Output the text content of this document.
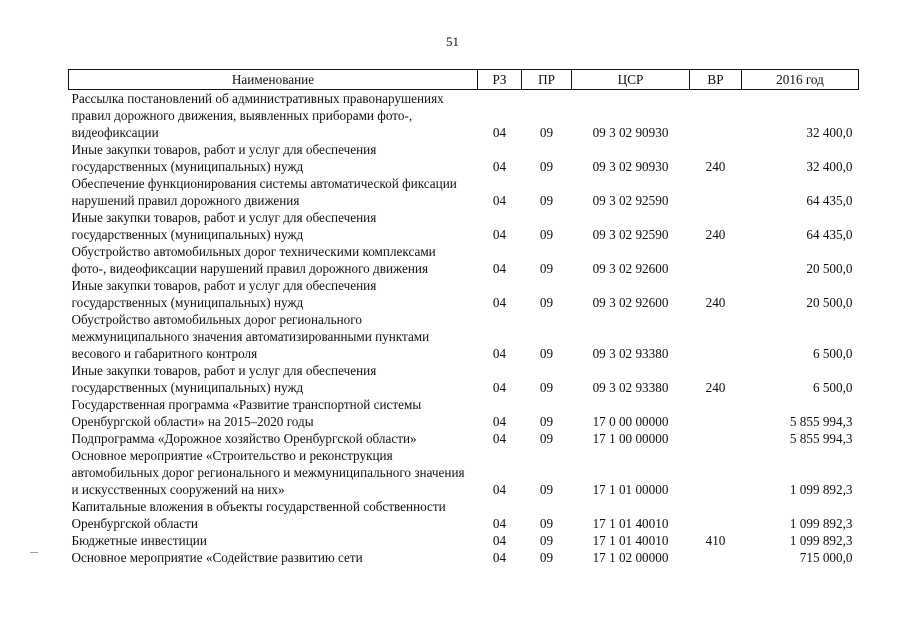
51
Наименование	РЗ	ПР	ЦСР	ВР	2016 год
Рассылка постановлений об административных правонарушениях правил дорожного движения, выявленных приборами фото-, видеофиксации	04	09	09 3 02 90930		32 400,0
Иные закупки товаров, работ и услуг для обеспечения государственных (муниципальных) нужд	04	09	09 3 02 90930	240	32 400,0
Обеспечение функционирования системы автоматической фиксации нарушений правил дорожного движения	04	09	09 3 02 92590		64 435,0
Иные закупки товаров, работ и услуг для обеспечения государственных (муниципальных) нужд	04	09	09 3 02 92590	240	64 435,0
Обустройство автомобильных дорог техническими комплексами фото-, видеофиксации нарушений правил дорожного движения	04	09	09 3 02 92600		20 500,0
Иные закупки товаров, работ и услуг для обеспечения государственных (муниципальных) нужд	04	09	09 3 02 92600	240	20 500,0
Обустройство автомобильных дорог регионального межмуниципального значения автоматизированными пунктами весового и габаритного контроля	04	09	09 3 02 93380		6 500,0
Иные закупки товаров, работ и услуг для обеспечения государственных (муниципальных) нужд	04	09	09 3 02 93380	240	6 500,0
Государственная программа «Развитие транспортной системы Оренбургской области» на 2015–2020 годы	04	09	17 0 00 00000		5 855 994,3
Подпрограмма «Дорожное хозяйство Оренбургской области»	04	09	17 1 00 00000		5 855 994,3
Основное мероприятие «Строительство и реконструкция автомобильных дорог регионального и межмуниципального значения и искусственных сооружений на них»	04	09	17 1 01 00000		1 099 892,3
Капитальные вложения в объекты государственной собственности Оренбургской области	04	09	17 1 01 40010		1 099 892,3
Бюджетные инвестиции	04	09	17 1 01 40010	410	1 099 892,3
Основное мероприятие «Содействие развитию сети	04	09	17 1 02 00000		715 000,0
